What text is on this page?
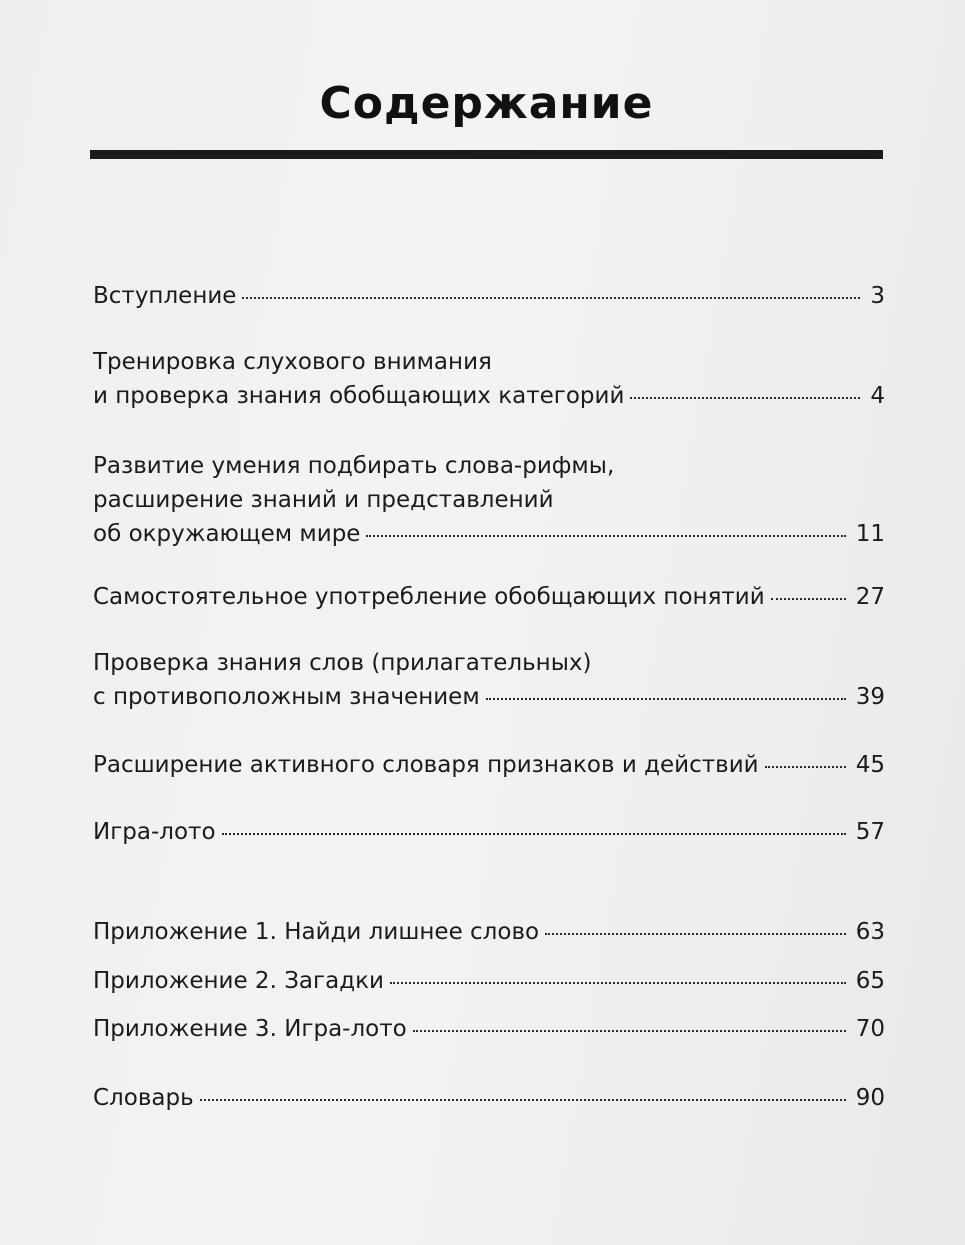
Содержание
Вступление	3
Тренировка слухового внимания
и проверка знания обобщающих категорий	4
Развитие умения подбирать слова-рифмы,
расширение знаний и представлений
об окружающем мире	11
Самостоятельное употребление обобщающих понятий	27
Проверка знания слов (прилагательных)
с противоположным значением	39
Расширение активного словаря признаков и действий	45
Игра-лото	57
Приложение 1. Найди лишнее слово	63
Приложение 2. Загадки	65
Приложение 3. Игра-лото	70
Словарь	90
